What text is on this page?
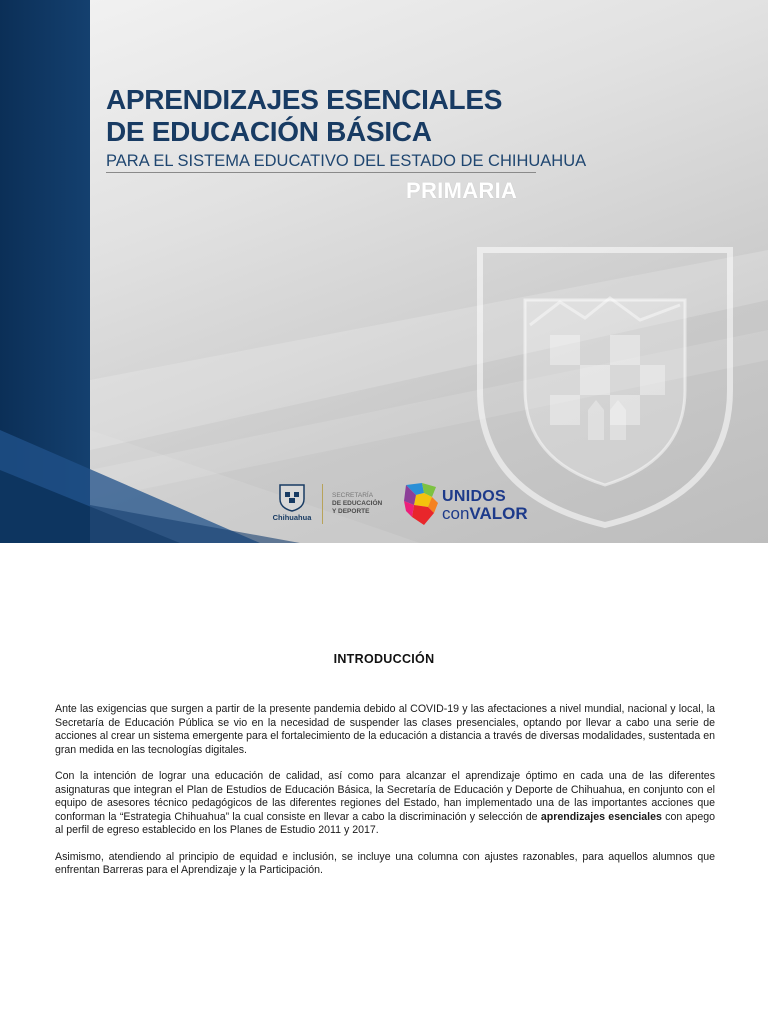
APRENDIZAJES ESENCIALES
DE EDUCACIÓN BÁSICA
PARA EL SISTEMA EDUCATIVO DEL ESTADO DE CHIHUAHUA
PRIMARIA
Chihuahua
SECRETARÍA
DE EDUCACIÓN
Y DEPORTE
UNIDOS
conVALOR
INTRODUCCIÓN

Ante las exigencias que surgen a partir de la presente pandemia debido al COVID-19 y las afectaciones a nivel mundial, nacional y local, la Secretaría de Educación Pública se vio en la necesidad de suspender las clases presenciales, optando por llevar a cabo una serie de acciones al crear un sistema emergente para el fortalecimiento de la educación a distancia a través de diversas modalidades, sustentada en gran medida en las tecnologías digitales.

Con la intención de lograr una educación de calidad, así como para alcanzar el aprendizaje óptimo en cada una de las diferentes asignaturas que integran el Plan de Estudios de Educación Básica, la Secretaría de Educación y Deporte de Chihuahua, en conjunto con el equipo de asesores técnico pedagógicos de las diferentes regiones del Estado, han implementado una de las importantes acciones que conforman la “Estrategia Chihuahua” la cual consiste en llevar a cabo la discriminación y selección de aprendizajes esenciales con apego al perfil de egreso establecido en los Planes de Estudio 2011 y 2017.

Asimismo, atendiendo al principio de equidad e inclusión, se incluye una columna con ajustes razonables, para aquellos alumnos que enfrentan Barreras para el Aprendizaje y la Participación.
